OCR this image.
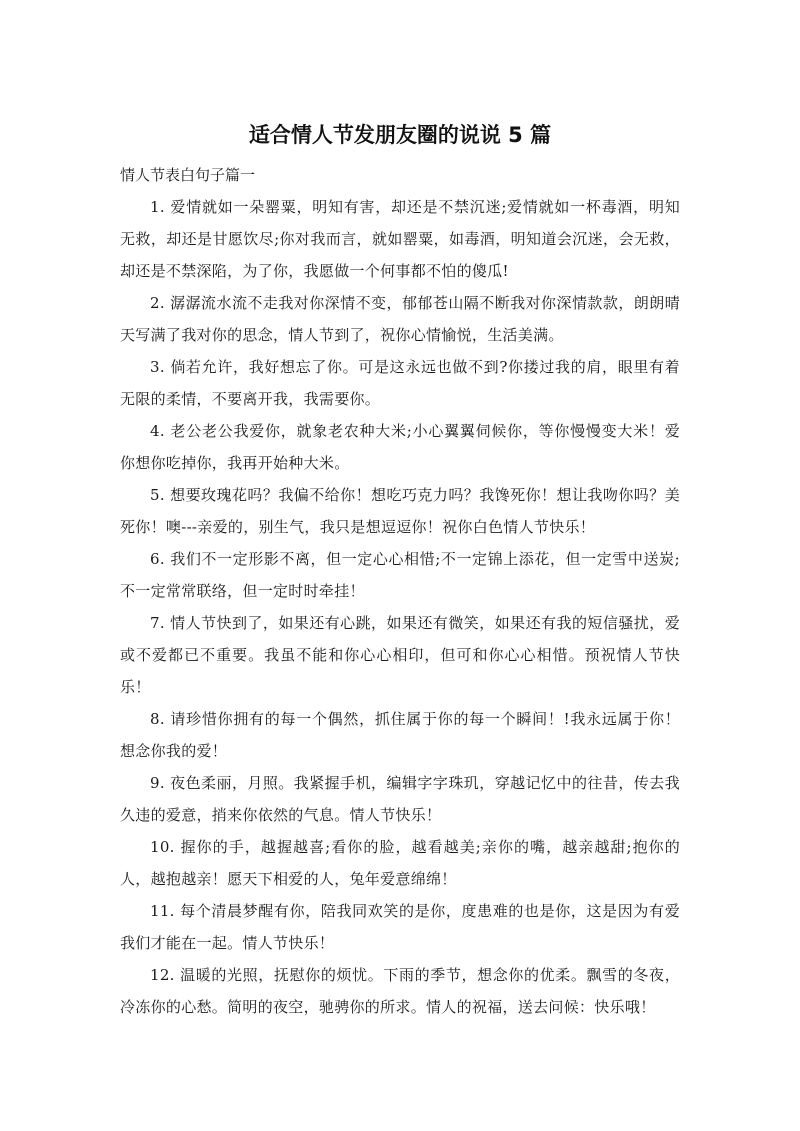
适合情人节发朋友圈的说说 5 篇
情人节表白句子篇一

1. 爱情就如一朵罂粟，明知有害，却还是不禁沉迷;爱情就如一杯毒酒，明知无救，却还是甘愿饮尽;你对我而言，就如罂粟，如毒酒，明知道会沉迷，会无救，却还是不禁深陷，为了你，我愿做一个何事都不怕的傻瓜!

2. 潺潺流水流不走我对你深情不变，郁郁苍山隔不断我对你深情款款，朗朗晴天写满了我对你的思念，情人节到了，祝你心情愉悦，生活美满。

3. 倘若允许，我好想忘了你。可是这永远也做不到?你搂过我的肩，眼里有着无限的柔情，不要离开我，我需要你。

4. 老公老公我爱你，就象老农种大米;小心翼翼伺候你，等你慢慢变大米！爱你想你吃掉你，我再开始种大米。

5. 想要玫瑰花吗？我偏不给你！想吃巧克力吗？我馋死你！想让我吻你吗？美死你！噢---亲爱的，别生气，我只是想逗逗你！祝你白色情人节快乐！

6. 我们不一定形影不离，但一定心心相惜;不一定锦上添花，但一定雪中送炭;不一定常常联络，但一定时时牵挂！

7. 情人节快到了，如果还有心跳，如果还有微笑，如果还有我的短信骚扰，爱或不爱都已不重要。我虽不能和你心心相印，但可和你心心相惜。预祝情人节快乐！

8. 请珍惜你拥有的每一个偶然，抓住属于你的每一个瞬间！!我永远属于你！想念你我的爱！

9. 夜色柔丽，月照。我紧握手机，编辑字字珠玑，穿越记忆中的往昔，传去我久违的爱意，捎来你依然的气息。情人节快乐！

10. 握你的手，越握越喜;看你的脸，越看越美;亲你的嘴，越亲越甜;抱你的人，越抱越亲！愿天下相爱的人，兔年爱意绵绵！

11. 每个清晨梦醒有你，陪我同欢笑的是你，度患难的也是你，这是因为有爱我们才能在一起。情人节快乐！

12. 温暖的光照，抚慰你的烦忧。下雨的季节，想念你的优柔。飘雪的冬夜，冷冻你的心愁。简明的夜空，驰骋你的所求。情人的祝福，送去问候：快乐哦！
